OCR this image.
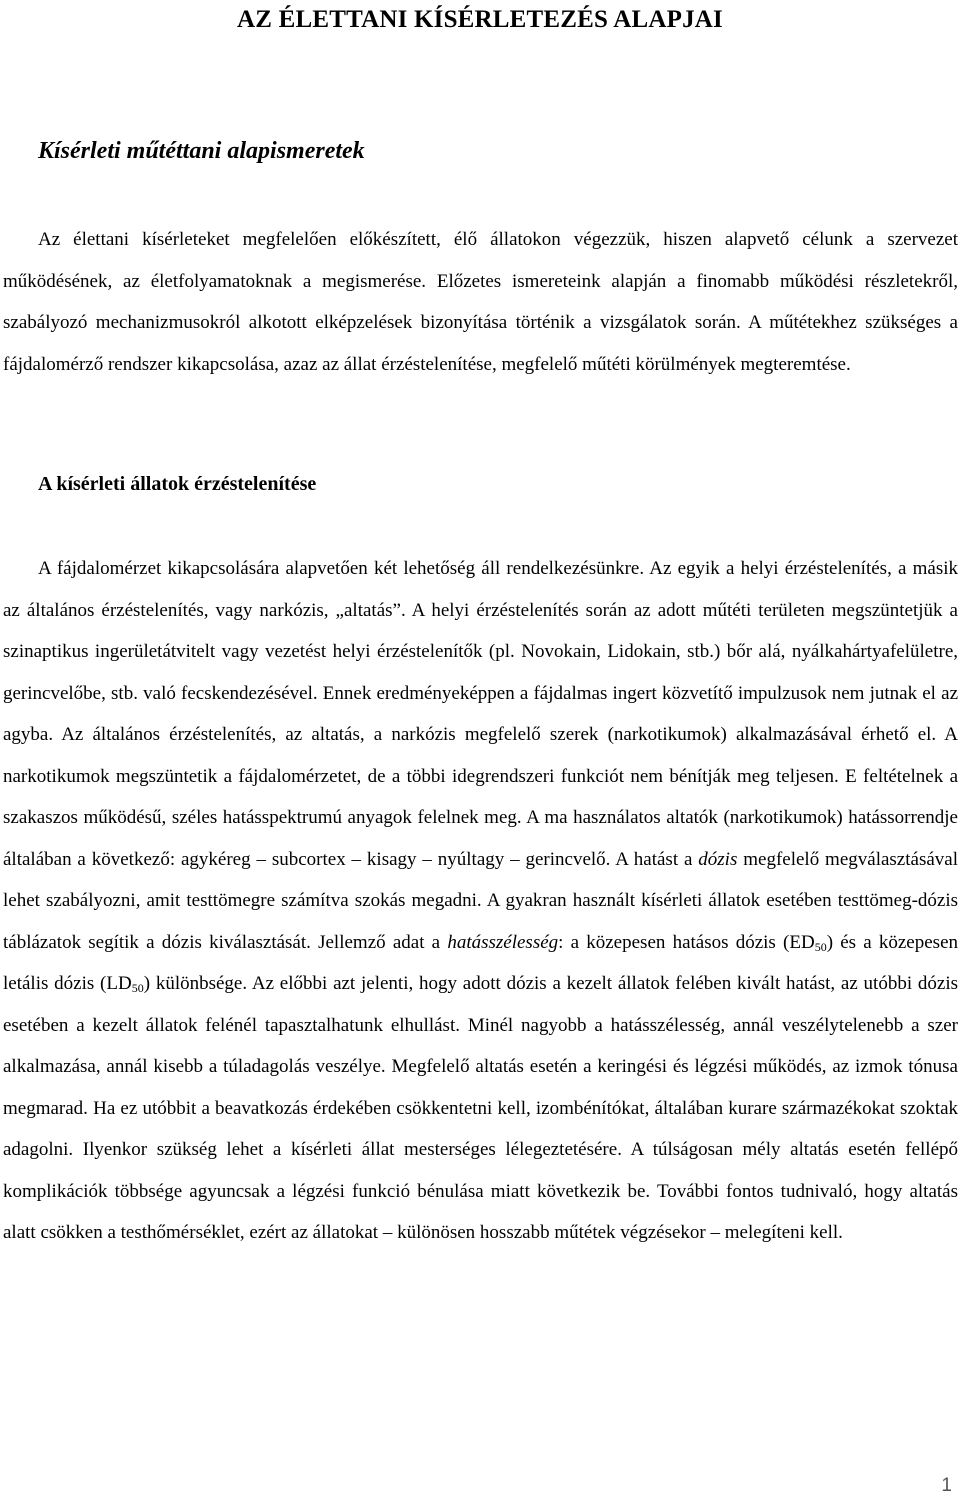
AZ ÉLETTANI KÍSÉRLETEZÉS ALAPJAI
Kísérleti műtéttani alapismeretek

Az élettani kísérleteket megfelelően előkészített, élő állatokon végezzük, hiszen alapvető célunk a szervezet működésének, az életfolyamatoknak a megismerése. Előzetes ismereteink alapján a finomabb működési részletekről, szabályozó mechanizmusokról alkotott elképzelések bizonyítása történik a vizsgálatok során. A műtétekhez szükséges a fájdalomérző rendszer kikapcsolása, azaz az állat érzéstelenítése, megfelelő műtéti körülmények megteremtése.

A kísérleti állatok érzéstelenítése

A fájdalomérzet kikapcsolására alapvetően két lehetőség áll rendelkezésünkre. Az egyik a helyi érzéstelenítés, a másik az általános érzéstelenítés, vagy narkózis, „altatás”. A helyi érzéstelenítés során az adott műtéti területen megszüntetjük a szinaptikus ingerületátvitelt vagy vezetést helyi érzéstelenítők (pl. Novokain, Lidokain, stb.) bőr alá, nyálkahártyafelületre, gerincvelőbe, stb. való fecskendezésével. Ennek eredményeképpen a fájdalmas ingert közvetítő impulzusok nem jutnak el az agyba. Az általános érzéstelenítés, az altatás, a narkózis megfelelő szerek (narkotikumok) alkalmazásával érhető el. A narkotikumok megszüntetik a fájdalomérzetet, de a többi idegrendszeri funkciót nem bénítják meg teljesen. E feltételnek a szakaszos működésű, széles hatásspektrumú anyagok felelnek meg. A ma használatos altatók (narkotikumok) hatássorrendje általában a következő: agykéreg – subcortex – kisagy – nyúltagy – gerincvelő. A hatást a dózis megfelelő megválasztásával lehet szabályozni, amit testtömegre számítva szokás megadni. A gyakran használt kísérleti állatok esetében testtömeg-dózis táblázatok segítik a dózis kiválasztását. Jellemző adat a hatásszélesség: a közepesen hatásos dózis $(ED_{50})$ és a közepesen letális dózis $(LD_{50})$ különbsége. Az előbbi azt jelenti, hogy adott dózis a kezelt állatok felében kivált hatást, az utóbbi dózis esetében a kezelt állatok felénél tapasztalhatunk elhullást. Minél nagyobb a hatásszélesség, annál veszélytelenebb a szer alkalmazása, annál kisebb a túladagolás veszélye. Megfelelő altatás esetén a keringési és légzési működés, az izmok tónusa megmarad. Ha ez utóbbit a beavatkozás érdekében csökkentetni kell, izombénítókat, általában kurare származékokat szoktak adagolni. Ilyenkor szükség lehet a kísérleti állat mesterséges lélegeztetésére. A túlságosan mély altatás esetén fellépő komplikációk többsége agyuncsak a légzési funkció bénulása miatt következik be. További fontos tudnivaló, hogy altatás alatt csökken a testhőmérséklet, ezért az állatokat – különösen hosszabb műtétek végzésekor – melegíteni kell.

1
